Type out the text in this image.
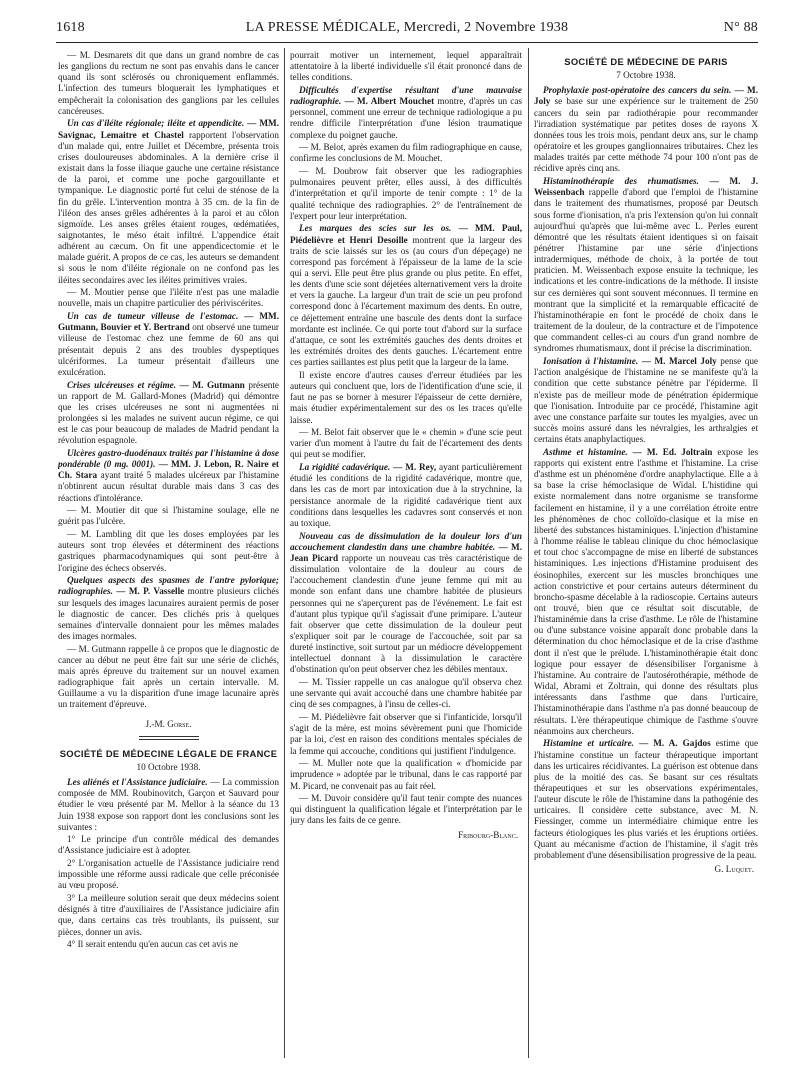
1618	LA PRESSE MÉDICALE, Mercredi, 2 Novembre 1938	N° 88

— M. Desmarets dit que dans un grand nombre de cas les ganglions du rectum ne sont pas envahis dans le cancer quand ils sont sclérosés ou chroniquement enflammés. L'infection des tumeurs bloquerait les lymphatiques et empêcherait la colonisation des ganglions par les cellules cancéreuses.

Un cas d'iléite régionale; iléite et appendicite. — MM. Savignac, Lemaitre et Chastel rapportent l'observation d'un malade qui, entre Juillet et Décembre, présenta trois crises douloureuses abdominales. A la dernière crise il existait dans la fosse iliaque gauche une certaine résistance de la paroi, et comme une poche gargouillante et tympanique. Le diagnostic porté fut celui de sténose de la fin du grêle. L'intervention montra à 35 cm. de la fin de l'iléon des anses grêles adhérentes à la paroi et au côlon sigmoïde. Les anses grêles étaient rouges, œdématiées, saignotantes, le méso était infiltré. L'appendice était adhérent au cæcum. On fit une appendicectomie et le malade guérit. A propos de ce cas, les auteurs se demandent si sous le nom d'iléite régionale on ne confond pas les iléites secondaires avec les iléites primitives vraies.

— M. Moutier pense que l'iléite n'est pas une maladie nouvelle, mais un chapitre particulier des périviscérites.

Un cas de tumeur villeuse de l'estomac. — MM. Gutmann, Bouvier et Y. Bertrand ont observé une tumeur villeuse de l'estomac chez une femme de 60 ans qui présentait depuis 2 ans des troubles dyspeptiques ulcériformes. La tumeur présentait d'ailleurs une exulcération.

Crises ulcéreuses et régime. — M. Gutmann présente un rapport de M. Gallard-Mones (Madrid) qui démontre que les crises ulcéreuses ne sont ni augmentées ni prolongées si les malades ne suivent aucun régime, ce qui est le cas pour beaucoup de malades de Madrid pendant la révolution espagnole.

Ulcères gastro-duodénaux traités par l'histamine à dose pondérable (0 mg. 0001). — MM. J. Lebon, R. Naire et Ch. Stara ayant traité 5 malades ulcéreux par l'histamine n'obtinrent aucun résultat durable mais dans 3 cas des réactions d'intolérance.

— M. Moutier dit que si l'histamine soulage, elle ne guérit pas l'ulcère.

— M. Lambling dit que les doses employées par les auteurs sont trop élevées et déterminent des réactions gastriques pharmacodynamiques qui sont peut-être à l'origine des échecs observés.

Quelques aspects des spasmes de l'antre pylorique; radiographies. — M. P. Vasselle montre plusieurs clichés sur lesquels des images lacunaires auraient permis de poser le diagnostic de cancer. Des clichés pris à quelques semaines d'intervalle donnaient pour les mêmes malades des images normales.

— M. Gutmann rappelle à ce propos que le diagnostic de cancer au début ne peut être fait sur une série de clichés, mais après épreuve du traitement sur un nouvel examen radiographique fait après un certain intervalle. M. Guillaume a vu la disparition d'une image lacunaire après un traitement d'épreuve.

J.-M. Gorse.

SOCIÉTÉ DE MÉDECINE LÉGALE DE FRANCE

10 Octobre 1938.

Les aliénés et l'Assistance judiciaire. — La commission composée de MM. Roubinovitch, Garçon et Sauvard pour étudier le vœu présenté par M. Mellor à la séance du 13 Juin 1938 expose son rapport dont les conclusions sont les suivantes :

1° Le principe d'un contrôle médical des demandes d'Assistance judiciaire est à adopter.

2° L'organisation actuelle de l'Assistance judiciaire rend impossible une réforme aussi radicale que celle préconisée au vœu proposé.

3° La meilleure solution serait que deux médecins soient désignés à titre d'auxiliaires de l'Assistance judiciaire afin que, dans certains cas très troublants, ils puissent, sur pièces, donner un avis.

4° Il serait entendu qu'en aucun cas cet avis ne

pourrait motiver un internement, lequel apparaîtrait attentatoire à la liberté individuelle s'il était prononcé dans de telles conditions.

Difficultés d'expertise résultant d'une mauvaise radiographie. — M. Albert Mouchet montre, d'après un cas personnel, comment une erreur de technique radiologique a pu rendre difficile l'interprétation d'une lésion traumatique complexe du poignet gauche.

— M. Belot, après examen du film radiographique en cause, confirme les conclusions de M. Mouchet.

— M. Doubrow fait observer que les radiographies pulmonaires peuvent prêter, elles aussi, à des difficultés d'interprétation et qu'il importe de tenir compte : 1° de la qualité technique des radiographies. 2° de l'entraînement de l'expert pour leur interprétation.

Les marques des scies sur les os. — MM. Paul, Piédelièvre et Henri Desoille montrent que la largeur des traits de scie laissés sur les os (au cours d'un dépeçage) ne correspond pas forcément à l'épaisseur de la lame de la scie qui a servi. Elle peut être plus grande ou plus petite. En effet, les dents d'une scie sont déjetées alternativement vers la droite et vers la gauche. La largeur d'un trait de scie un peu profond correspond donc à l'écartement maximum des dents. En outre, ce déjettement entraîne une bascule des dents dont la surface mordante est inclinée. Ce qui porte tout d'abord sur la surface d'attaque, ce sont les extrémités gauches des dents droites et les extrémités droites des dents gauches. L'écartement entre ces parties saillantes est plus petit que la largeur de la lame.

Il existe encore d'autres causes d'erreur étudiées par les auteurs qui concluent que, lors de l'identification d'une scie, il faut ne pas se borner à mesurer l'épaisseur de cette dernière, mais étudier expérimentalement sur des os les traces qu'elle laisse.

— M. Belot fait observer que le « chemin » d'une scie peut varier d'un moment à l'autre du fait de l'écartement des dents qui peut se modifier.

La rigidité cadavérique. — M. Rey, ayant particulièrement étudié les conditions de la rigidité cadavérique, montre que, dans les cas de mort par intoxication due à la strychnine, la persistance anormale de la rigidité cadavérique tient aux conditions dans lesquelles les cadavres sont conservés et non au toxique.

Nouveau cas de dissimulation de la douleur lors d'un accouchement clandestin dans une chambre habitée. — M. Jean Picard rapporte un nouveau cas très caractéristique de dissimulation volontaire de la douleur au cours de l'accouchement clandestin d'une jeune femme qui mit au monde son enfant dans une chambre habitée de plusieurs personnes qui ne s'aperçurent pas de l'événement. Le fait est d'autant plus typique qu'il s'agissait d'une primipare. L'auteur fait observer que cette dissimulation de la douleur peut s'expliquer soit par le courage de l'accouchée, soit par sa dureté instinctive, soit surtout par un médiocre développement intellectuel donnant à la dissimulation le caractère d'obstination qu'on peut observer chez les débiles mentaux.

— M. Tissier rappelle un cas analogue qu'il observa chez une servante qui avait accouché dans une chambre habitée par cinq de ses compagnes, à l'insu de celles-ci.

— M. Piédelièvre fait observer que si l'infanticide, lorsqu'il s'agit de la mère, est moins sévèrement puni que l'homicide par la loi, c'est en raison des conditions mentales spéciales de la femme qui accouche, conditions qui justifient l'indulgence.

— M. Muller note que la qualification « d'homicide par imprudence » adoptée par le tribunal, dans le cas rapporté par M. Picard, ne convenait pas au fait réel.

— M. Duvoir considère qu'il faut tenir compte des nuances qui distinguent la qualification légale et l'interprétation par le jury dans les faits de ce genre.

Fribourg-Blanc.

SOCIÉTÉ DE MÉDECINE DE PARIS

7 Octobre 1938.

Prophylaxie post-opératoire des cancers du sein. — M. Joly se base sur une expérience sur le traitement de 250 cancers du sein par radiothérapie pour recommander l'irradiation systématique par petites doses de rayons X données tous les trois mois, pendant deux ans, sur le champ opératoire et les groupes ganglionnaires tributaires. Chez les malades traités par cette méthode 74 pour 100 n'ont pas de récidive après cinq ans.

Histaminothérapie des rhumatismes. — M. J. Weissenbach rappelle d'abord que l'emploi de l'histamine dans le traitement des rhumatismes, proposé par Deutsch sous forme d'ionisation, n'a pris l'extension qu'on lui connaît aujourd'hui qu'après que lui-même avec L. Perles eurent démontré que les résultats étaient identiques si on faisait pénétrer l'histamine par une série d'injections intradermiques, méthode de choix, à la portée de tout praticien. M. Weissenbach expose ensuite la technique, les indications et les contre-indications de la méthode. Il insiste sur ces dernières qui sont souvent méconnues. Il termine en montrant que la simplicité et la remarquable efficacité de l'histaminothérapie en font le procédé de choix dans le traitement de la douleur, de la contracture et de l'impotence que commandent celles-ci au cours d'un grand nombre de syndromes rhumatismaux, dont il précise la discrimination.

Ionisation à l'histamine. — M. Marcel Joly pense que l'action analgésique de l'histamine ne se manifeste qu'à la condition que cette substance pénètre par l'épiderme. Il n'existe pas de meilleur mode de pénétration épidermique que l'ionisation. Introduite par ce procédé, l'histamine agit avec une constance parfaite sur toutes les myalgies, avec un succès moins assuré dans les névralgies, les arthralgies et certains états anaphylactiques.

Asthme et histamine. — M. Ed. Joltrain expose les rapports qui existent entre l'asthme et l'histamine. La crise d'asthme est un phénomène d'ordre anaphylactique. Elle a à sa base la crise hémoclasique de Widal. L'histidine qui existe normalement dans notre organisme se transforme facilement en histamine, il y a une corrélation étroite entre les phénomènes de choc colloïdo-clasique et la mise en liberté des substances histaminiques. L'injection d'histamine à l'homme réalise le tableau clinique du choc hémoclasique et tout choc s'accompagne de mise en liberté de substances histaminiques. Les injections d'Histamine produisent des éosinophiles, exercent sur les muscles bronchiques une action constrictive et pour certains auteurs déterminent du broncho-spasme décelable à la radioscopie. Certains auteurs ont trouvé, bien que ce résultat soit discutable, de l'histaminémie dans la crise d'asthme. Le rôle de l'histamine ou d'une substance voisine apparaît donc probable dans la détermination du choc hémoclasique et de la crise d'asthme dont il n'est que le prélude. L'histaminothérapie était donc logique pour essayer de désensibiliser l'organisme à l'histamine. Au contraire de l'autosérothérapie, méthode de Widal, Abrami et Zoltrain, qui donne des résultats plus intéressants dans l'asthme que dans l'urticaire, l'histaminothérapie dans l'asthme n'a pas donné beaucoup de résultats. L'ère thérapeutique chimique de l'asthme s'ouvre néanmoins aux chercheurs.

Histamine et urticaire. — M. A. Gajdos estime que l'histamine constitue un facteur thérapeutique important dans les urticaires récidivantes. La guérison est obtenue dans plus de la moitié des cas. Se basant sur ces résultats thérapeutiques et sur les observations expérimentales, l'auteur discute le rôle de l'histamine dans la pathogénie des urticaires. Il considère cette substance, avec M. N. Fiessinger, comme un intermédiaire chimique entre les facteurs étiologiques les plus variés et les éruptions ortiées. Quant au mécanisme d'action de l'histamine, il s'agit très probablement d'une désensibilisation progressive de la peau.

G. Luquet.
